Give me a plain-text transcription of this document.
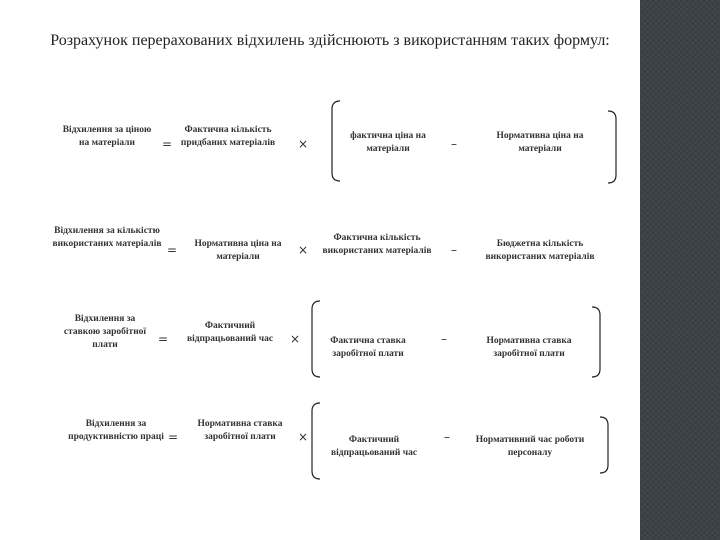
Розрахунок перерахованих відхилень здійснюють з використанням таких формул:
Відхилення за ціною на матеріали	=
Фактична кількість придбаних матеріалів ×
фактична ціна на матеріали	–
Нормативна ціна на матеріали
Відхилення за кількістю використаних матеріалів =	Нормативна ціна на матеріали	×
Фактична кількість використаних матеріалів	–	Бюджетна кількість використаних матеріалів
Відхилення за ставкою заробітної плати	=
Фактичний відпрацьований час	×	Фактична ставка заробітної плати
–	Нормативна ставка заробітної плати
Відхилення за продуктивністю праці =
Нормативна ставка заробітної плати	×	Фактичний відпрацьований час
–	Нормативний час роботи персоналу
